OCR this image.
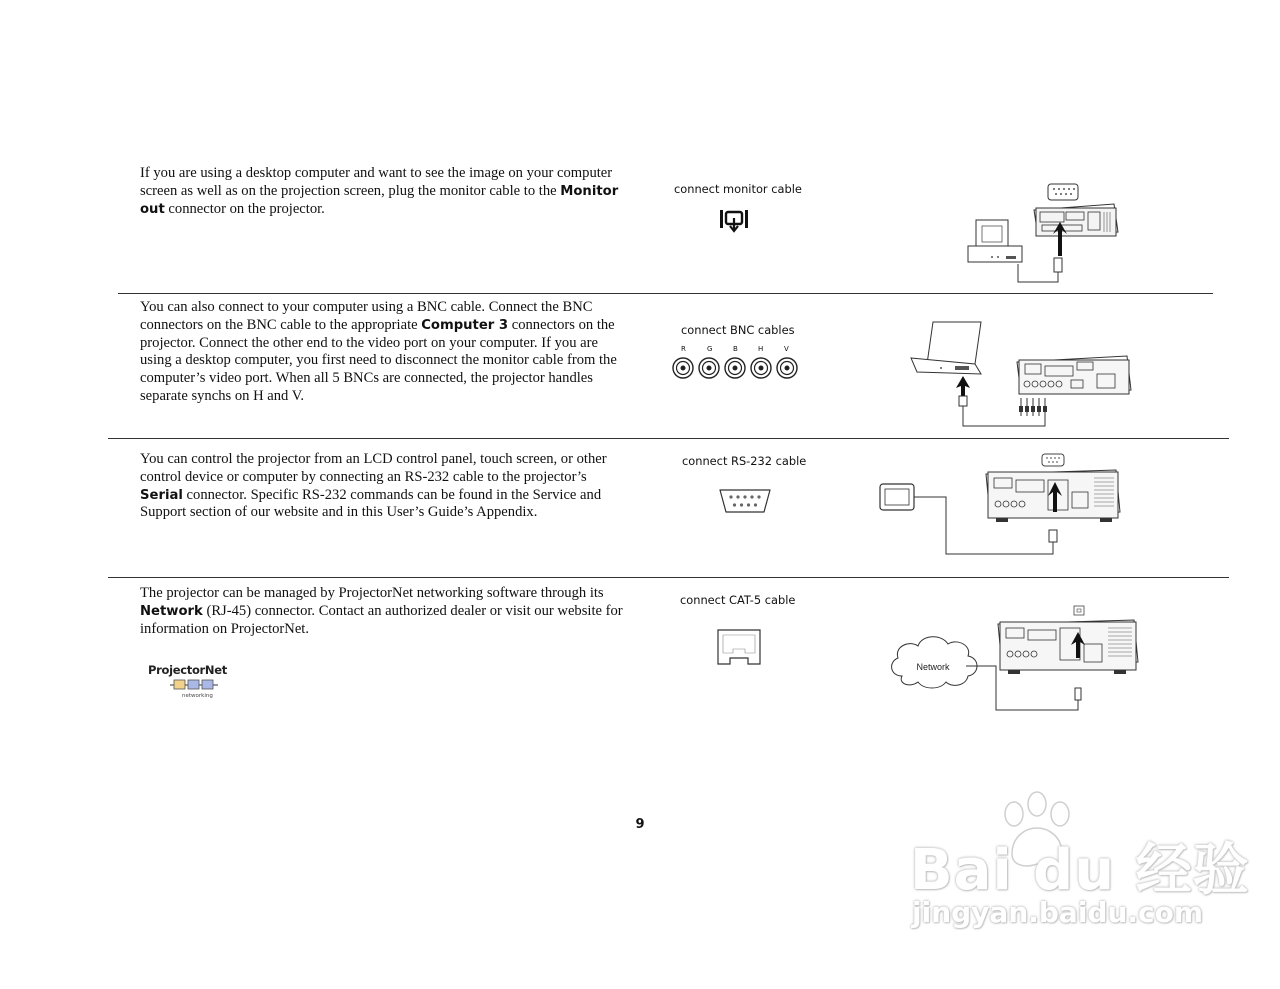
If you are using a desktop computer and want to see the image on your computer screen as well as on the projection screen, plug the monitor cable to the Monitor out connector on the projector.

connect monitor cable

You can also connect to your computer using a BNC cable. Connect the BNC connectors on the BNC cable to the appropriate Computer 3 connectors on the projector. Connect the other end to the video port on your computer. If you are using a desktop computer, you first need to disconnect the monitor cable from the computer’s video port. When all 5 BNCs are connected, the projector handles separate synchs on H and V.

connect BNC cables
R	G	B	H	V

You can control the projector from an LCD control panel, touch screen, or other control device or computer by connecting an RS-232 cable to the projector’s Serial connector. Specific RS-232 commands can be found in the Service and Support section of our website and in this User’s Guide’s Appendix.

connect RS-232 cable

The projector can be managed by ProjectorNet networking software through its Network (RJ-45) connector. Contact an authorized dealer or visit our website for information on ProjectorNet.

ProjectorNet
networking
connect CAT-5 cable
Network
9
Bai du 经验
jingyan.baidu.com
